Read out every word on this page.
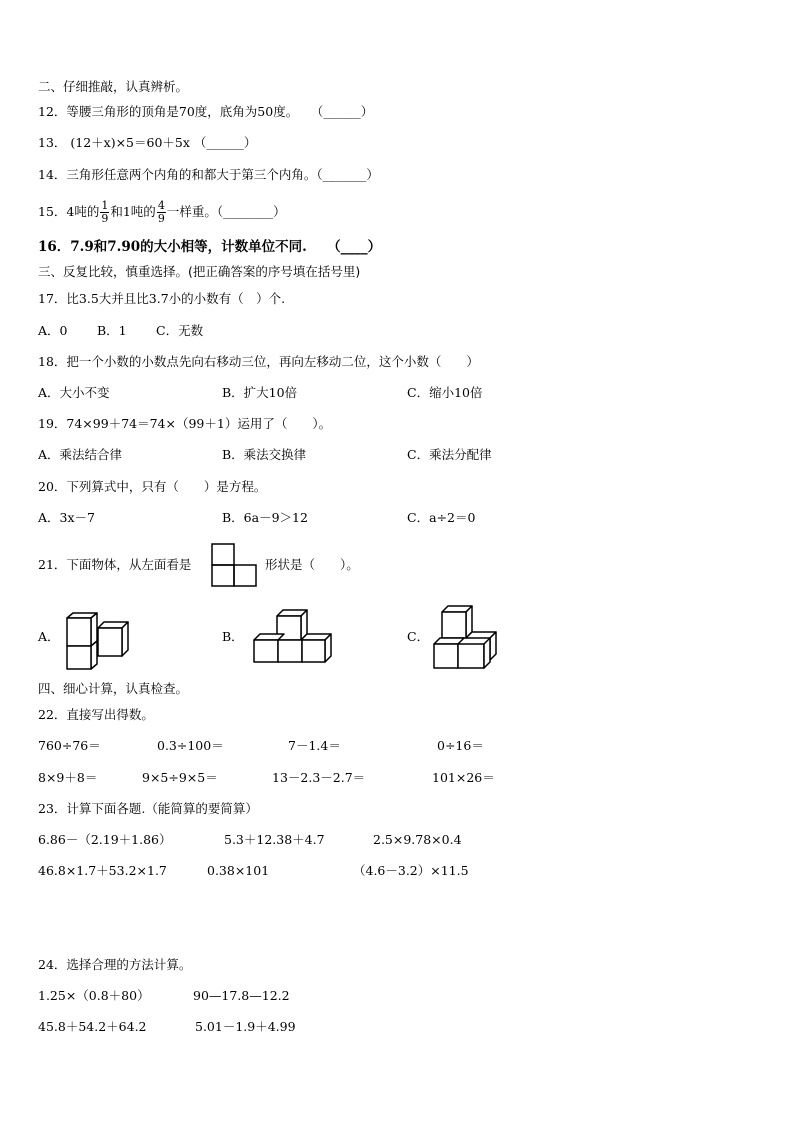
二、仔细推敲，认真辨析。
12．等腰三角形的顶角是70度，底角为50度。　　（______）
13． (12＋x)×5＝60＋5x （______）
14．三角形任意两个内角的和都大于第三个内角。（_______）
15．4吨的 $\frac{1}{9}$ 和1吨的 $\frac{4}{9}$ 一样重。（________）
16．7.9和7.90的大小相等，计数单位不同.　　（____）
三、反复比较，慎重选择。(把正确答案的序号填在括号里)
17．比3.5大并且比3.7小的小数有（　）个.
A．0 B．1 C．无数
18．把一个小数的小数点先向右移动三位，再向左移动二位，这个小数（　　）
A．大小不变	B．扩大10倍	C．缩小10倍
19．74×99＋74＝74×（99＋1）运用了（　　）。
A．乘法结合律	B．乘法交换律	C．乘法分配律
20．下列算式中，只有（　　）是方程。
A．3x－7	B．6a－9＞12	C．a÷2＝0
21．下面物体，从左面看是	形状是（　　）。
A．	B．	C．
四、细心计算，认真检查。
22．直接写出得数。
760÷76＝	0.3÷100＝	7－1.4＝	0÷16＝
8×9＋8＝	9×5÷9×5＝	13－2.3－2.7＝	101×26＝
23．计算下面各题.（能简算的要简算）
6.86－（2.19＋1.86）	5.3＋12.38＋4.7	2.5×9.78×0.4
46.8×1.7＋53.2×1.7	0.38×101	（4.6－3.2）×11.5
24．选择合理的方法计算。
1.25×（0.8＋80）	90—17.8—12.2
45.8＋54.2＋64.2	5.01－1.9＋4.99
